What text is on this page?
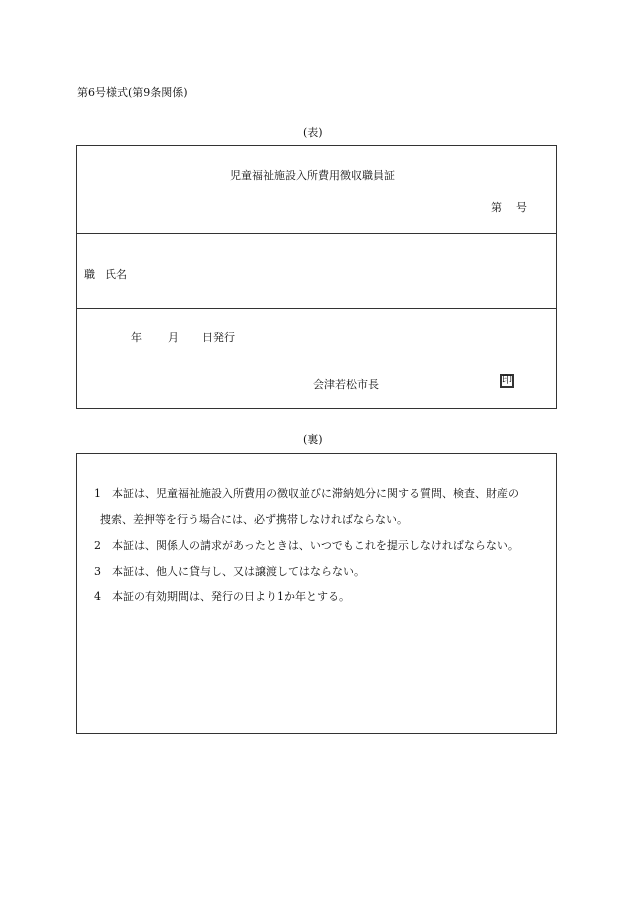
第6号様式(第9条関係)
(表)
児童福祉施設入所費用徴収職員証
第 号
職 氏名
年 月 日発行
会津若松市長	印
(裏)
1 本証は、児童福祉施設入所費用の徴収並びに滞納処分に関する質問、検査、財産の
捜索、差押等を行う場合には、必ず携帯しなければならない。
2 本証は、関係人の請求があったときは、いつでもこれを提示しなければならない。
3 本証は、他人に貸与し、又は譲渡してはならない。
4 本証の有効期間は、発行の日より1か年とする。
